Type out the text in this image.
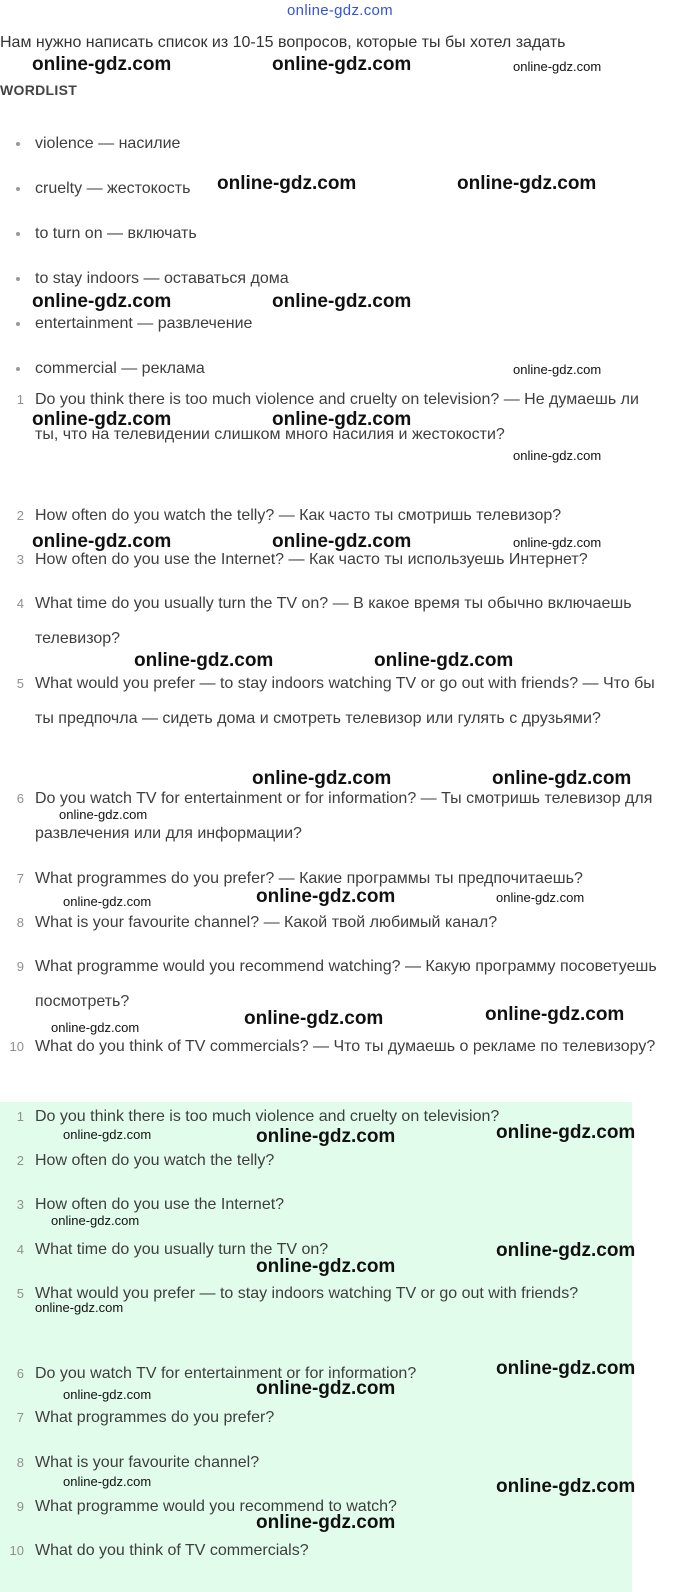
online-gdz.com
Нам нужно написать список из 10-15 вопросов, которые ты бы хотел задать
WORDLIST
violence — насилие
cruelty — жестокость
to turn on — включать
to stay indoors — оставаться дома
entertainment — развлечение
commercial — реклама
1 Do you think there is too much violence and cruelty on television? — Не думаешь ли ты, что на телевидении слишком много насилия и жестокости?
2 How often do you watch the telly? — Как часто ты смотришь телевизор?
3 How often do you use the Internet? — Как часто ты используешь Интернет?
4 What time do you usually turn the TV on? — В какое время ты обычно включаешь телевизор?
5 What would you prefer — to stay indoors watching TV or go out with friends? — Что бы ты предпочла — сидеть дома и смотреть телевизор или гулять с друзьями?
6 Do you watch TV for entertainment or for information? — Ты смотришь телевизор для развлечения или для информации?
7 What programmes do you prefer? — Какие программы ты предпочитаешь?
8 What is your favourite channel? — Какой твой любимый канал?
9 What programme would you recommend watching? — Какую программу посоветуешь посмотреть?
10 What do you think of TV commercials? — Что ты думаешь о рекламе по телевизору?
1 Do you think there is too much violence and cruelty on television?
2 How often do you watch the telly?
3 How often do you use the Internet?
4 What time do you usually turn the TV on?
5 What would you prefer — to stay indoors watching TV or go out with friends?
6 Do you watch TV for entertainment or for information?
7 What programmes do you prefer?
8 What is your favourite channel?
9 What programme would you recommend to watch?
10 What do you think of TV commercials?
online-gdz.com	online-gdz.com	online-gdz.com
online-gdz.com	online-gdz.com
online-gdz.com	online-gdz.com
online-gdz.com
online-gdz.com	online-gdz.com
online-gdz.com
online-gdz.com	online-gdz.com	online-gdz.com
online-gdz.com	online-gdz.com
online-gdz.com	online-gdz.com
online-gdz.com
online-gdz.com	online-gdz.com
online-gdz.com
online-gdz.com	online-gdz.com
online-gdz.com
online-gdz.com	online-gdz.com	online-gdz.com
online-gdz.com
online-gdz.com
online-gdz.com
online-gdz.com
online-gdz.com
online-gdz.com
online-gdz.com
online-gdz.com	online-gdz.com
online-gdz.com
